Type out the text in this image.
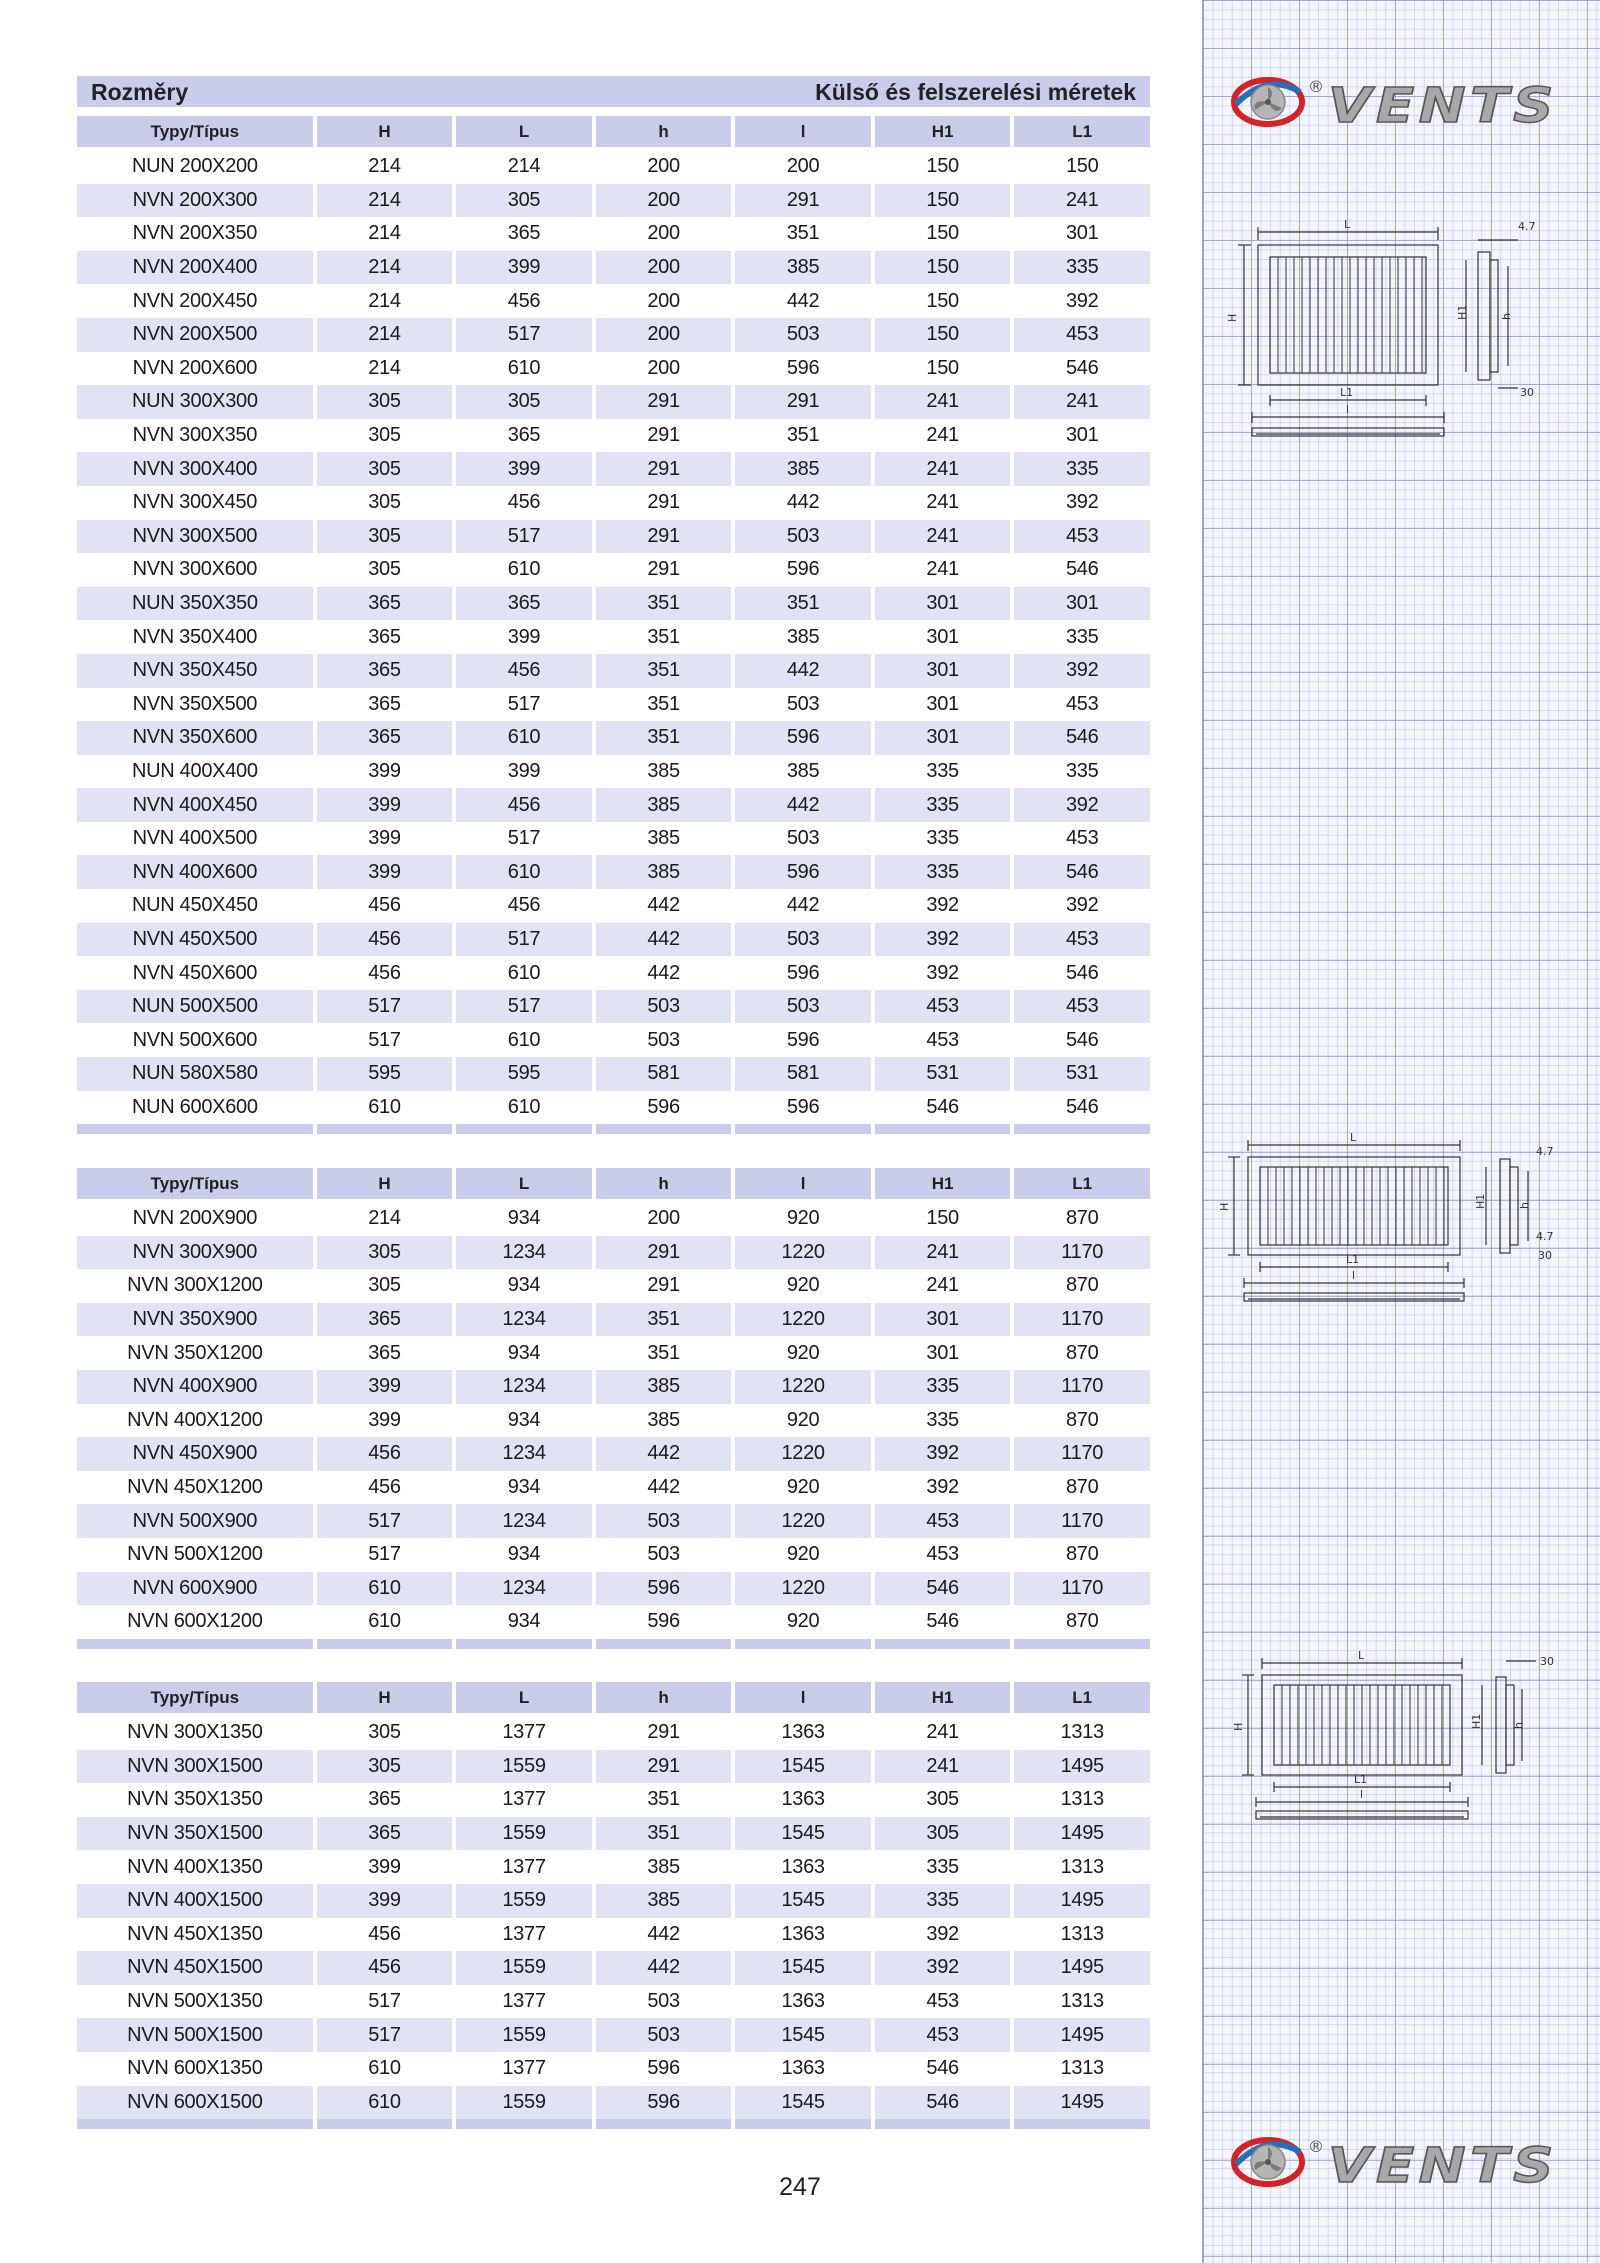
® VENTS
® VENTS
L
H
L1
l
H1	h
4.7
30
L
H
L1
l
H1	h
4.7
4.7
30
L
H
L1
l
H1	h
30
Rozměry	Külső és felszerelési méretek
Typy/Típus	H	L	h	l	H1	L1

NUN 200X200	214	214	200	200	150	150
NVN 200X300	214	305	200	291	150	241
NVN 200X350	214	365	200	351	150	301
NVN 200X400	214	399	200	385	150	335
NVN 200X450	214	456	200	442	150	392
NVN 200X500	214	517	200	503	150	453
NVN 200X600	214	610	200	596	150	546
NUN 300X300	305	305	291	291	241	241
NVN 300X350	305	365	291	351	241	301
NVN 300X400	305	399	291	385	241	335
NVN 300X450	305	456	291	442	241	392
NVN 300X500	305	517	291	503	241	453
NVN 300X600	305	610	291	596	241	546
NUN 350X350	365	365	351	351	301	301
NVN 350X400	365	399	351	385	301	335
NVN 350X450	365	456	351	442	301	392
NVN 350X500	365	517	351	503	301	453
NVN 350X600	365	610	351	596	301	546
NUN 400X400	399	399	385	385	335	335
NVN 400X450	399	456	385	442	335	392
NVN 400X500	399	517	385	503	335	453
NVN 400X600	399	610	385	596	335	546
NUN 450X450	456	456	442	442	392	392
NVN 450X500	456	517	442	503	392	453
NVN 450X600	456	610	442	596	392	546
NUN 500X500	517	517	503	503	453	453
NVN 500X600	517	610	503	596	453	546
NUN 580X580	595	595	581	581	531	531
NUN 600X600	610	610	596	596	546	546

Typy/Típus	H	L	h	l	H1	L1

NVN 200X900	214	934	200	920	150	870
NVN 300X900	305	1234	291	1220	241	1170
NVN 300X1200	305	934	291	920	241	870
NVN 350X900	365	1234	351	1220	301	1170
NVN 350X1200	365	934	351	920	301	870
NVN 400X900	399	1234	385	1220	335	1170
NVN 400X1200	399	934	385	920	335	870
NVN 450X900	456	1234	442	1220	392	1170
NVN 450X1200	456	934	442	920	392	870
NVN 500X900	517	1234	503	1220	453	1170
NVN 500X1200	517	934	503	920	453	870
NVN 600X900	610	1234	596	1220	546	1170
NVN 600X1200	610	934	596	920	546	870

Typy/Típus	H	L	h	l	H1	L1

NVN 300X1350	305	1377	291	1363	241	1313
NVN 300X1500	305	1559	291	1545	241	1495
NVN 350X1350	365	1377	351	1363	305	1313
NVN 350X1500	365	1559	351	1545	305	1495
NVN 400X1350	399	1377	385	1363	335	1313
NVN 400X1500	399	1559	385	1545	335	1495
NVN 450X1350	456	1377	442	1363	392	1313
NVN 450X1500	456	1559	442	1545	392	1495
NVN 500X1350	517	1377	503	1363	453	1313
NVN 500X1500	517	1559	503	1545	453	1495
NVN 600X1350	610	1377	596	1363	546	1313
NVN 600X1500	610	1559	596	1545	546	1495

247
